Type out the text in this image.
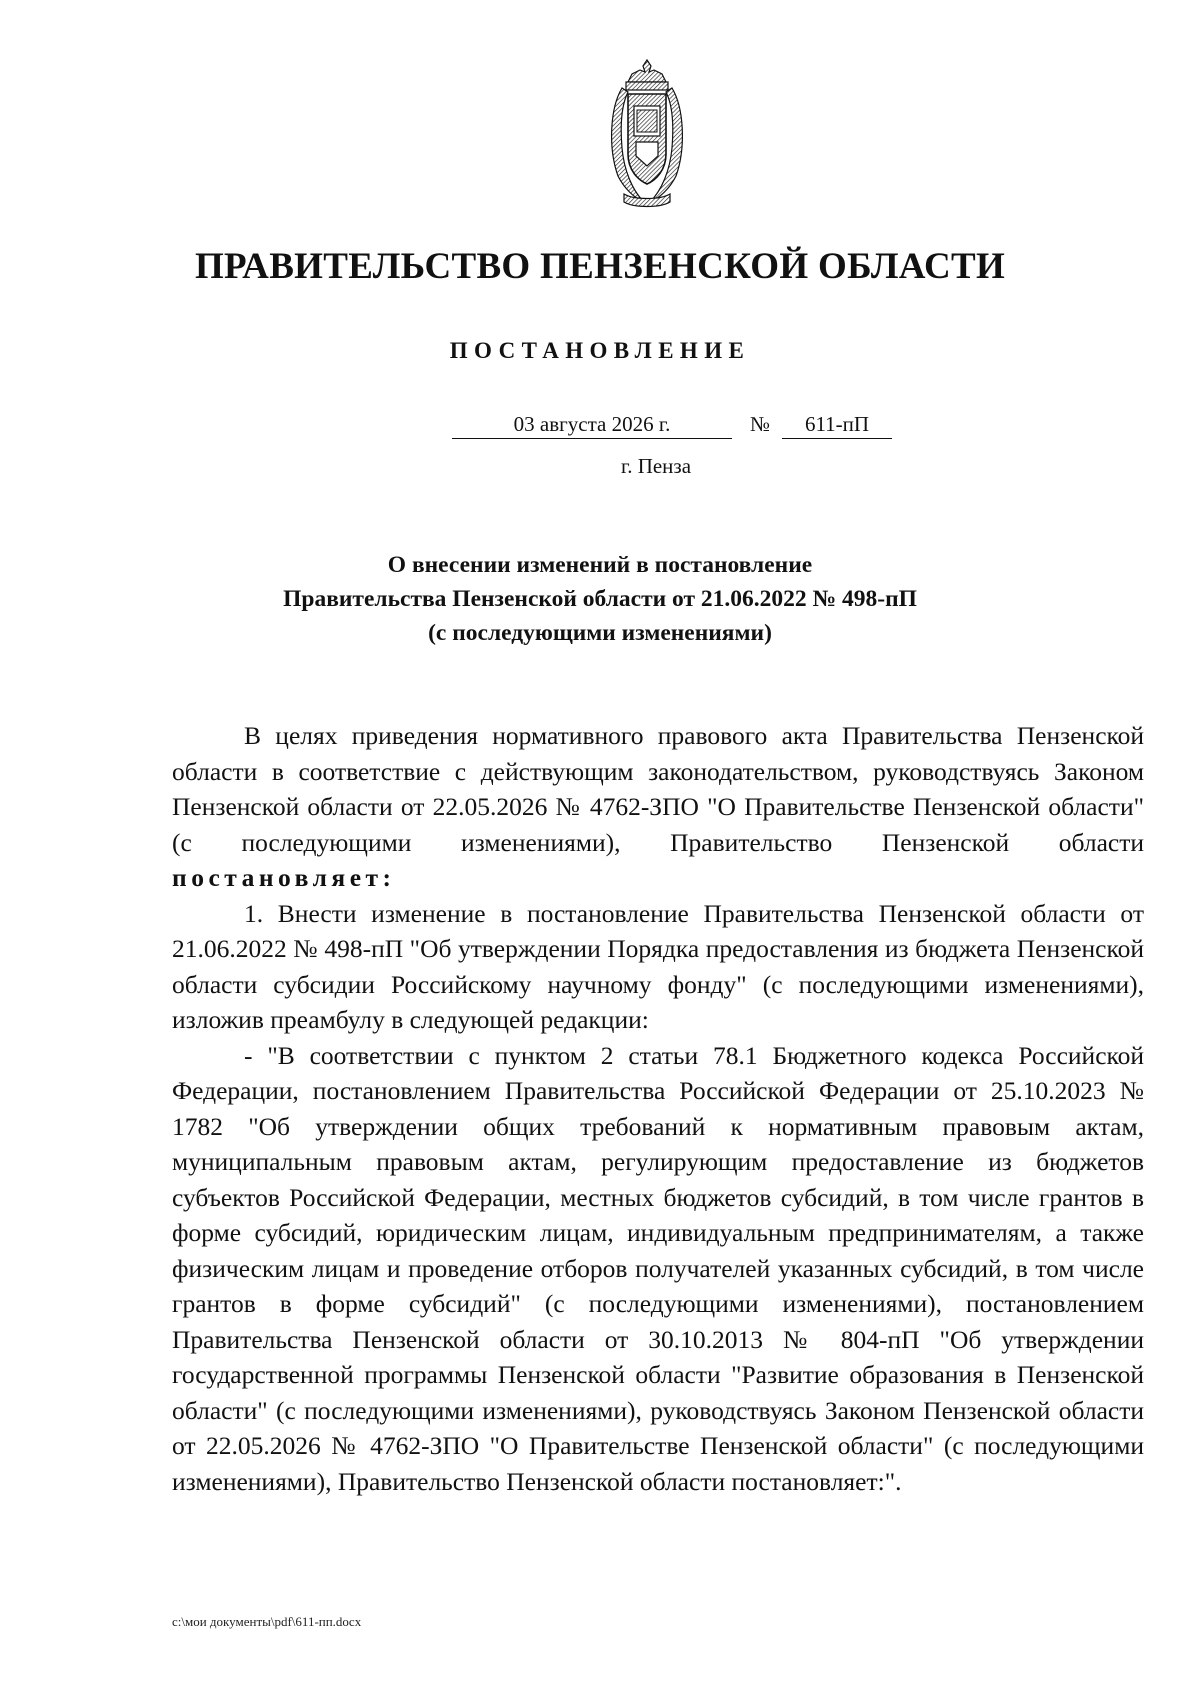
ПРАВИТЕЛЬСТВО ПЕНЗЕНСКОЙ ОБЛАСТИ
ПОСТАНОВЛЕНИЕ
03 августа 2026 г.	№	611-пП
г. Пенза
О внесении изменений в постановление
Правительства Пензенской области от 21.06.2022 № 498-пП
(с последующими изменениями)

В целях приведения нормативного правового акта Правительства Пензенской области в соответствие с действующим законодательством, руководствуясь Законом Пензенской области от 22.05.2026 № 4762-ЗПО "О Правительстве Пензенской области" (с последующими изменениями), Правительство Пензенской области постановляет:

1. Внести изменение в постановление Правительства Пензенской области от 21.06.2022 № 498-пП "Об утверждении Порядка предоставления из бюджета Пензенской области субсидии Российскому научному фонду" (с последующими изменениями), изложив преамбулу в следующей редакции:

- "В соответствии с пунктом 2 статьи 78.1 Бюджетного кодекса Российской Федерации, постановлением Правительства Российской Федерации от 25.10.2023 № 1782 "Об утверждении общих требований к нормативным правовым актам, муниципальным правовым актам, регулирующим предоставление из бюджетов субъектов Российской Федерации, местных бюджетов субсидий, в том числе грантов в форме субсидий, юридическим лицам, индивидуальным предпринимателям, а также физическим лицам и проведение отборов получателей указанных субсидий, в том числе грантов в форме субсидий" (с последующими изменениями), постановлением Правительства Пензенской области от 30.10.2013 № 804-пП "Об утверждении государственной программы Пензенской области "Развитие образования в Пензенской области" (с последующими изменениями), руководствуясь Законом Пензенской области от 22.05.2026 № 4762-ЗПО "О Правительстве Пензенской области" (с последующими изменениями), Правительство Пензенской области постановляет:".

c:\мои документы\pdf\611-пп.docx
